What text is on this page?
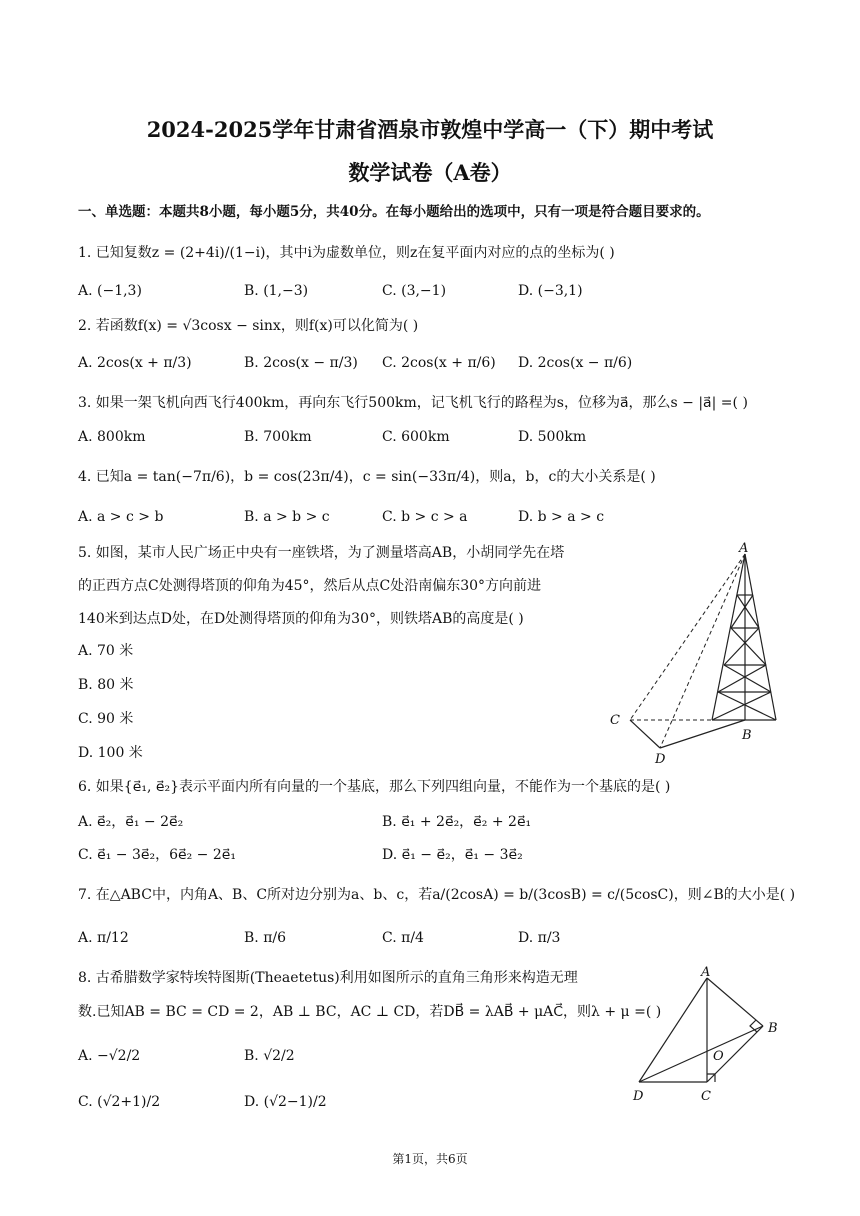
2024-2025学年甘肃省酒泉市敦煌中学高一（下）期中考试
数学试卷（A卷）
一、单选题：本题共8小题，每小题5分，共40分。在每小题给出的选项中，只有一项是符合题目要求的。
1. 已知复数z = (2+4i)/(1−i)，其中i为虚数单位，则z在复平面内对应的点的坐标为( )
A. (−1,3)	B. (1,−3)	C. (3,−1)	D. (−3,1)
2. 若函数f(x) = √3cosx − sinx，则f(x)可以化简为( )
A. 2cos(x + π/3)	B. 2cos(x − π/3) C. 2cos(x + π/6) D. 2cos(x − π/6)
3. 如果一架飞机向西飞行400km，再向东飞行500km，记飞机飞行的路程为s，位移为a⃗，那么s − |a⃗| =( )
A. 800km	B. 700km	C. 600km	D. 500km
4. 已知a = tan(−7π/6)，b = cos(23π/4)，c = sin(−33π/4)，则a，b，c的大小关系是( )
A. a > c > b	B. a > b > c	C. b > c > a	D. b > a > c
5. 如图，某市人民广场正中央有一座铁塔，为了测量塔高AB，小胡同学先在塔
的正西方点C处测得塔顶的仰角为45°，然后从点C处沿南偏东30°方向前进
140米到达点D处，在D处测得塔顶的仰角为30°，则铁塔AB的高度是( )
A. 70 米
B. 80 米
C. 90 米
D. 100 米
A
B
C
D
6. 如果{e⃗₁, e⃗₂}表示平面内所有向量的一个基底，那么下列四组向量，不能作为一个基底的是( )
A. e⃗₂，e⃗₁ − 2e⃗₂	B. e⃗₁ + 2e⃗₂，e⃗₂ + 2e⃗₁
C. e⃗₁ − 3e⃗₂，6e⃗₂ − 2e⃗₁	D. e⃗₁ − e⃗₂，e⃗₁ − 3e⃗₂
7. 在△ABC中，内角A、B、C所对边分别为a、b、c，若a/(2cosA) = b/(3cosB) = c/(5cosC)，则∠B的大小是( )
A. π/12	B. π/6	C. π/4	D. π/3
8. 古希腊数学家特埃特图斯(Theaetetus)利用如图所示的直角三角形来构造无理
数.已知AB = BC = CD = 2，AB ⊥ BC，AC ⊥ CD，若DB⃗ = λAB⃗ + μAC⃗，则λ + μ =( )
A. −√2/2	B. √2/2
C. (√2+1)/2	D. (√2−1)/2
A
B
O
C
D
第1页，共6页
